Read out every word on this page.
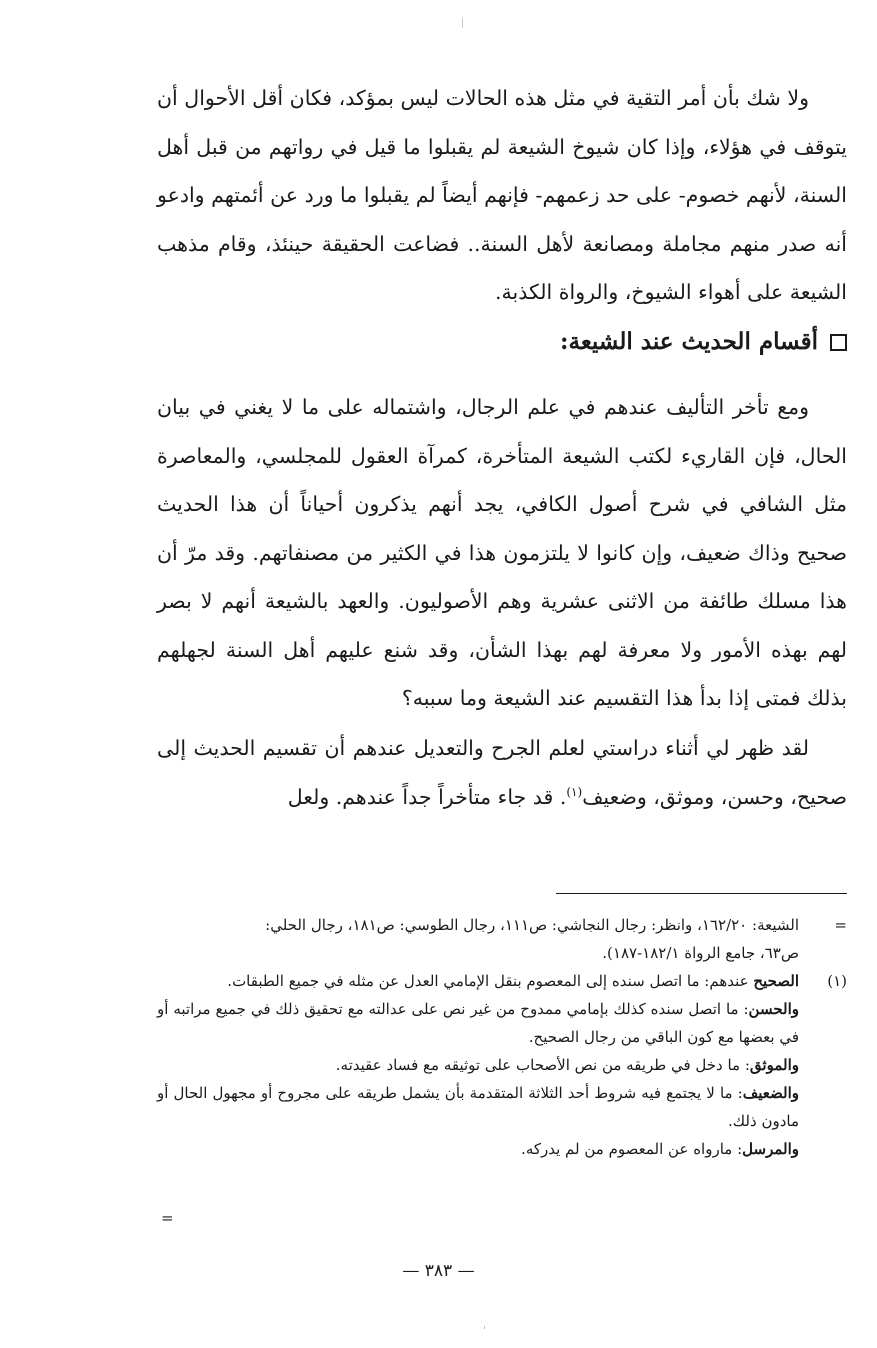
ولا شك بأن أمر التقية في مثل هذه الحالات ليس بمؤكد، فكان أقل الأحوال أن يتوقف في هؤلاء، وإذا كان شيوخ الشيعة لم يقبلوا ما قيل في رواتهم من قبل أهل السنة، لأنهم خصوم- على حد زعمهم- فإنهم أيضاً لم يقبلوا ما ورد عن أئمتهم وادعو أنه صدر منهم مجاملة ومصانعة لأهل السنة.. فضاعت الحقيقة حينئذ، وقام مذهب الشيعة على أهواء الشيوخ، والرواة الكذبة.

أقسام الحديث عند الشيعة:

ومع تأخر التأليف عندهم في علم الرجال، واشتماله على ما لا يغني في بيان الحال، فإن القاريء لكتب الشيعة المتأخرة، كمرآة العقول للمجلسي، والمعاصرة مثل الشافي في شرح أصول الكافي، يجد أنهم يذكرون أحياناً أن هذا الحديث صحيح وذاك ضعيف، وإن كانوا لا يلتزمون هذا في الكثير من مصنفاتهم. وقد مرّ أن هذا مسلك طائفة من الاثنى عشرية وهم الأصوليون. والعهد بالشيعة أنهم لا بصر لهم بهذه الأمور ولا معرفة لهم بهذا الشأن، وقد شنع عليهم أهل السنة لجهلهم بذلك فمتى إذا بدأ هذا التقسيم عند الشيعة وما سببه؟

لقد ظهر لي أثناء دراستي لعلم الجرح والتعديل عندهم أن تقسيم الحديث إلى صحيح، وحسن، وموثق، وضعيف$^{(١)}$. قد جاء متأخراً جداً عندهم. ولعل

=
الشيعة: ١٦٢/٢٠، وانظر: رجال النجاشي: ص١١١، رجال الطوسي: ص١٨١، رجال الحلي:
ص٦٣، جامع الرواة ١٨٢/١-١٨٧).
(١)
الصحيح عندهم: ما اتصل سنده إلى المعصوم بنقل الإمامي العدل عن مثله في جميع الطبقات.
والحسن: ما اتصل سنده كذلك بإمامي ممدوح من غير نص على عدالته مع تحقيق ذلك في جميع مراتبه أو في بعضها مع كون الباقي من رجال الصحيح.
والموثق: ما دخل في طريقه من نص الأصحاب على توثيقه مع فساد عقيدته.
والضعيف: ما لا يجتمع فيه شروط أحد الثلاثة المتقدمة بأن يشمل طريقه على مجروح أو مجهول الحال أو مادون ذلك.
والمرسل: مارواه عن المعصوم من لم يدركه.
=
— ٣٨٣ —
